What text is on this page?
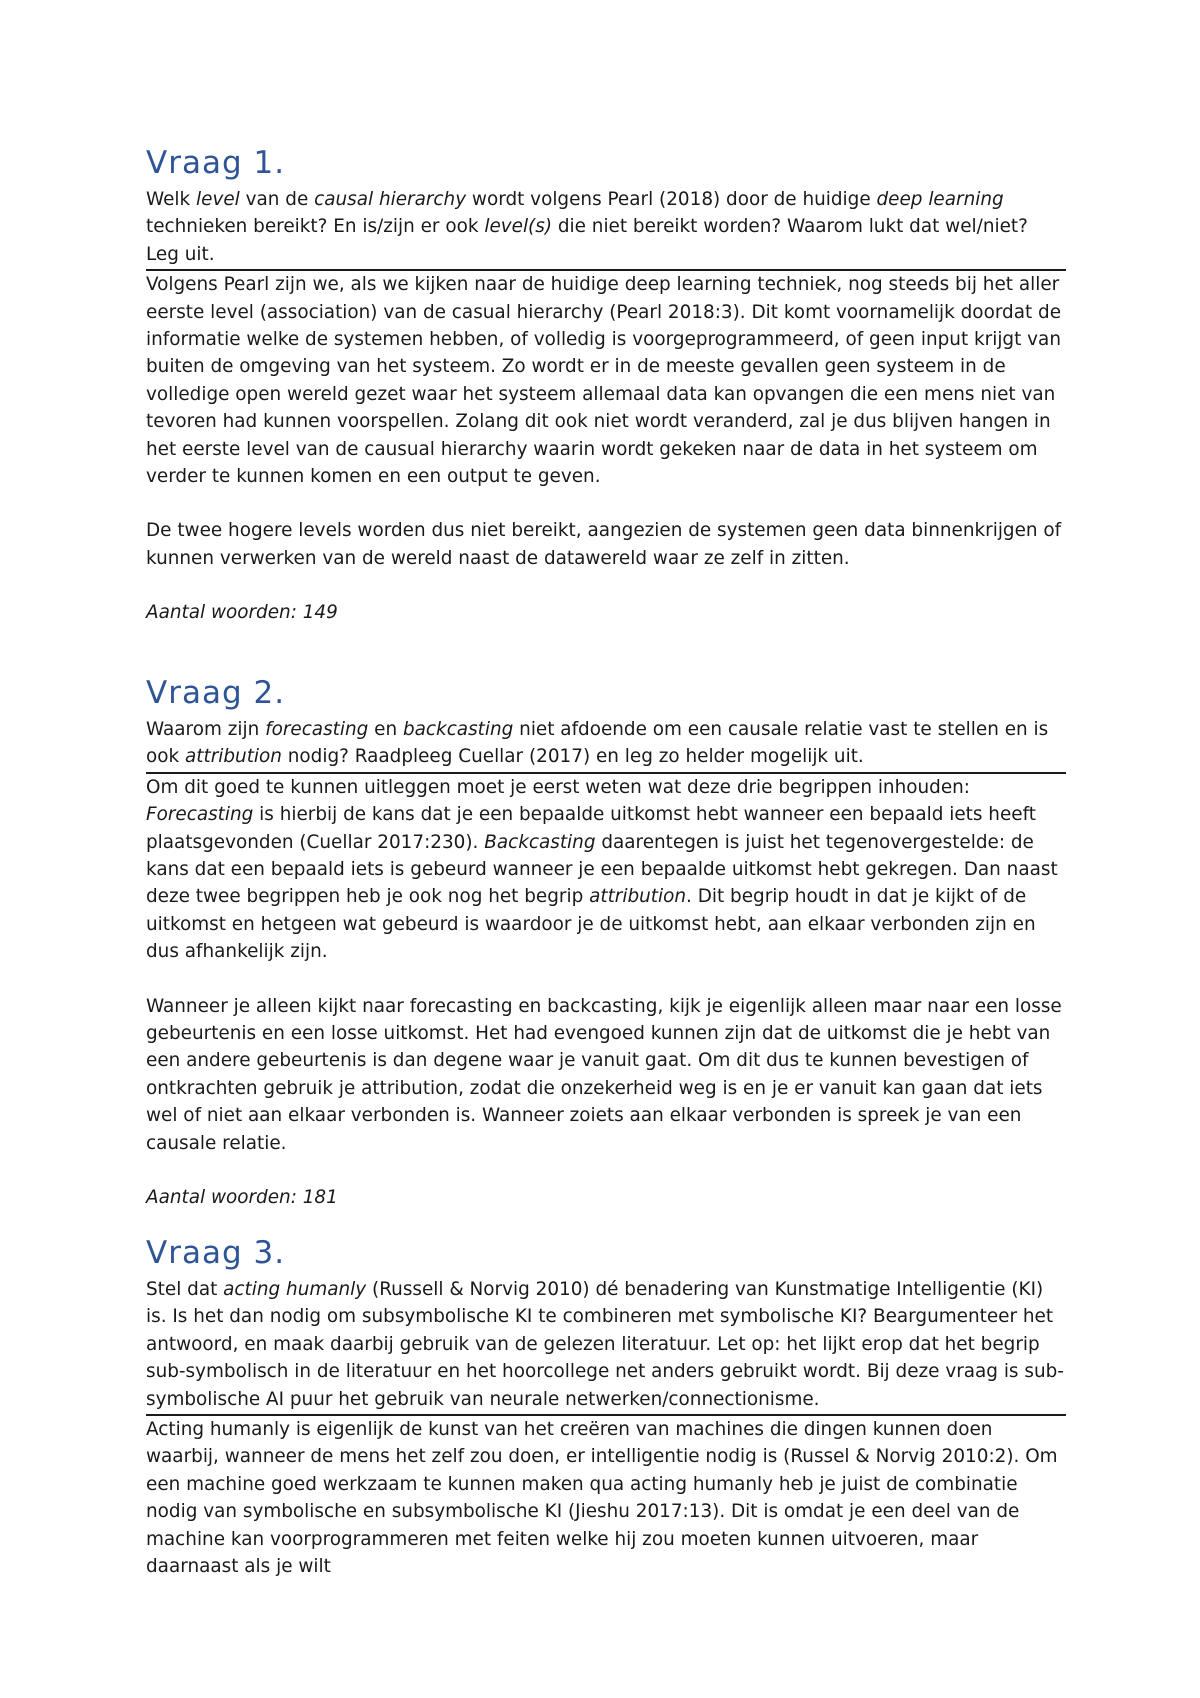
Vraag 1.

Welk level van de causal hierarchy wordt volgens Pearl (2018) door de huidige deep learning technieken bereikt? En is/zijn er ook level(s) die niet bereikt worden? Waarom lukt dat wel/niet? Leg uit.

Volgens Pearl zijn we, als we kijken naar de huidige deep learning techniek, nog steeds bij het aller eerste level (association) van de casual hierarchy (Pearl 2018:3). Dit komt voornamelijk doordat de informatie welke de systemen hebben, of volledig is voorgeprogrammeerd, of geen input krijgt van buiten de omgeving van het systeem. Zo wordt er in de meeste gevallen geen systeem in de volledige open wereld gezet waar het systeem allemaal data kan opvangen die een mens niet van tevoren had kunnen voorspellen. Zolang dit ook niet wordt veranderd, zal je dus blijven hangen in het eerste level van de causual hierarchy waarin wordt gekeken naar de data in het systeem om verder te kunnen komen en een output te geven.

De twee hogere levels worden dus niet bereikt, aangezien de systemen geen data binnenkrijgen of kunnen verwerken van de wereld naast de datawereld waar ze zelf in zitten.

Aantal woorden: 149

Vraag 2.

Waarom zijn forecasting en backcasting niet afdoende om een causale relatie vast te stellen en is ook attribution nodig? Raadpleeg Cuellar (2017) en leg zo helder mogelijk uit.

Om dit goed te kunnen uitleggen moet je eerst weten wat deze drie begrippen inhouden: Forecasting is hierbij de kans dat je een bepaalde uitkomst hebt wanneer een bepaald iets heeft plaatsgevonden (Cuellar 2017:230). Backcasting daarentegen is juist het tegenovergestelde: de kans dat een bepaald iets is gebeurd wanneer je een bepaalde uitkomst hebt gekregen. Dan naast deze twee begrippen heb je ook nog het begrip attribution. Dit begrip houdt in dat je kijkt of de uitkomst en hetgeen wat gebeurd is waardoor je de uitkomst hebt, aan elkaar verbonden zijn en dus afhankelijk zijn.

Wanneer je alleen kijkt naar forecasting en backcasting, kijk je eigenlijk alleen maar naar een losse gebeurtenis en een losse uitkomst. Het had evengoed kunnen zijn dat de uitkomst die je hebt van een andere gebeurtenis is dan degene waar je vanuit gaat. Om dit dus te kunnen bevestigen of ontkrachten gebruik je attribution, zodat die onzekerheid weg is en je er vanuit kan gaan dat iets wel of niet aan elkaar verbonden is. Wanneer zoiets aan elkaar verbonden is spreek je van een causale relatie.

Aantal woorden: 181

Vraag 3.

Stel dat acting humanly (Russell & Norvig 2010) dé benadering van Kunstmatige Intelligentie (KI) is. Is het dan nodig om subsymbolische KI te combineren met symbolische KI? Beargumenteer het antwoord, en maak daarbij gebruik van de gelezen literatuur. Let op: het lijkt erop dat het begrip sub-symbolisch in de literatuur en het hoorcollege net anders gebruikt wordt. Bij deze vraag is sub-symbolische AI puur het gebruik van neurale netwerken/connectionisme.

Acting humanly is eigenlijk de kunst van het creëren van machines die dingen kunnen doen waarbij, wanneer de mens het zelf zou doen, er intelligentie nodig is (Russel & Norvig 2010:2). Om een machine goed werkzaam te kunnen maken qua acting humanly heb je juist de combinatie nodig van symbolische en subsymbolische KI (Jieshu 2017:13). Dit is omdat je een deel van de machine kan voorprogrammeren met feiten welke hij zou moeten kunnen uitvoeren, maar daarnaast als je wilt
